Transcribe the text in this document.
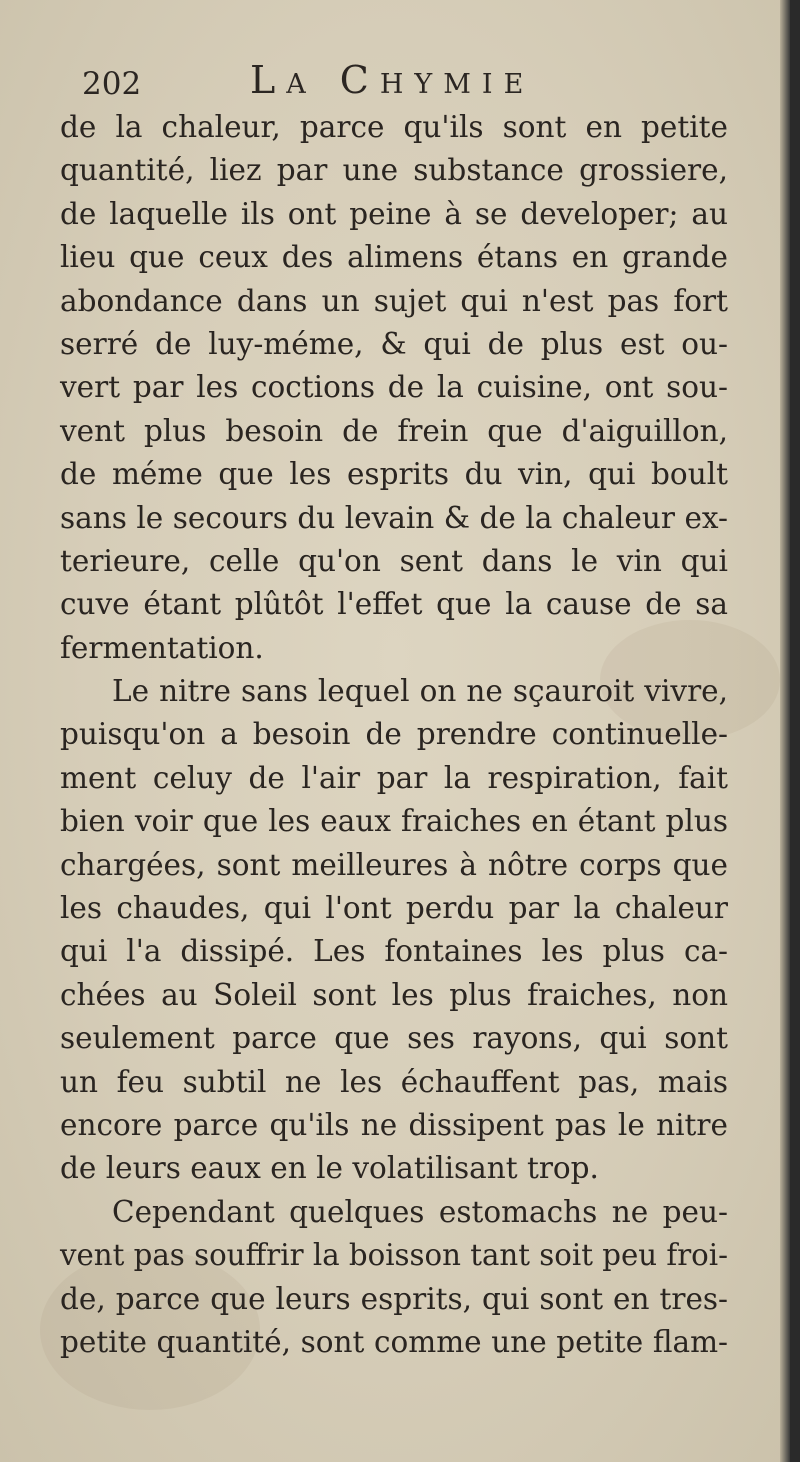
202	La Chymie
de la chaleur, parce qu'ils sont en petite
quantité, liez par une substance grossiere,
de laquelle ils ont peine à se developer; au
lieu que ceux des alimens étans en grande
abondance dans un sujet qui n'est pas fort
serré de luy-méme, & qui de plus est ou-
vert par les coctions de la cuisine, ont sou-
vent plus besoin de frein que d'aiguillon,
de méme que les esprits du vin, qui boult
sans le secours du levain & de la chaleur ex-
terieure, celle qu'on sent dans le vin qui
cuve étant plûtôt l'effet que la cause de sa
fermentation.
Le nitre sans lequel on ne sçauroit vivre,
puisqu'on a besoin de prendre continuelle-
ment celuy de l'air par la respiration, fait
bien voir que les eaux fraiches en étant plus
chargées, sont meilleures à nôtre corps que
les chaudes, qui l'ont perdu par la chaleur
qui l'a dissipé. Les fontaines les plus ca-
chées au Soleil sont les plus fraiches, non
seulement parce que ses rayons, qui sont
un feu subtil ne les échauffent pas, mais
encore parce qu'ils ne dissipent pas le nitre
de leurs eaux en le volatilisant trop.
Cependant quelques estomachs ne peu-
vent pas souffrir la boisson tant soit peu froi-
de, parce que leurs esprits, qui sont en tres-
petite quantité, sont comme une petite flam-
